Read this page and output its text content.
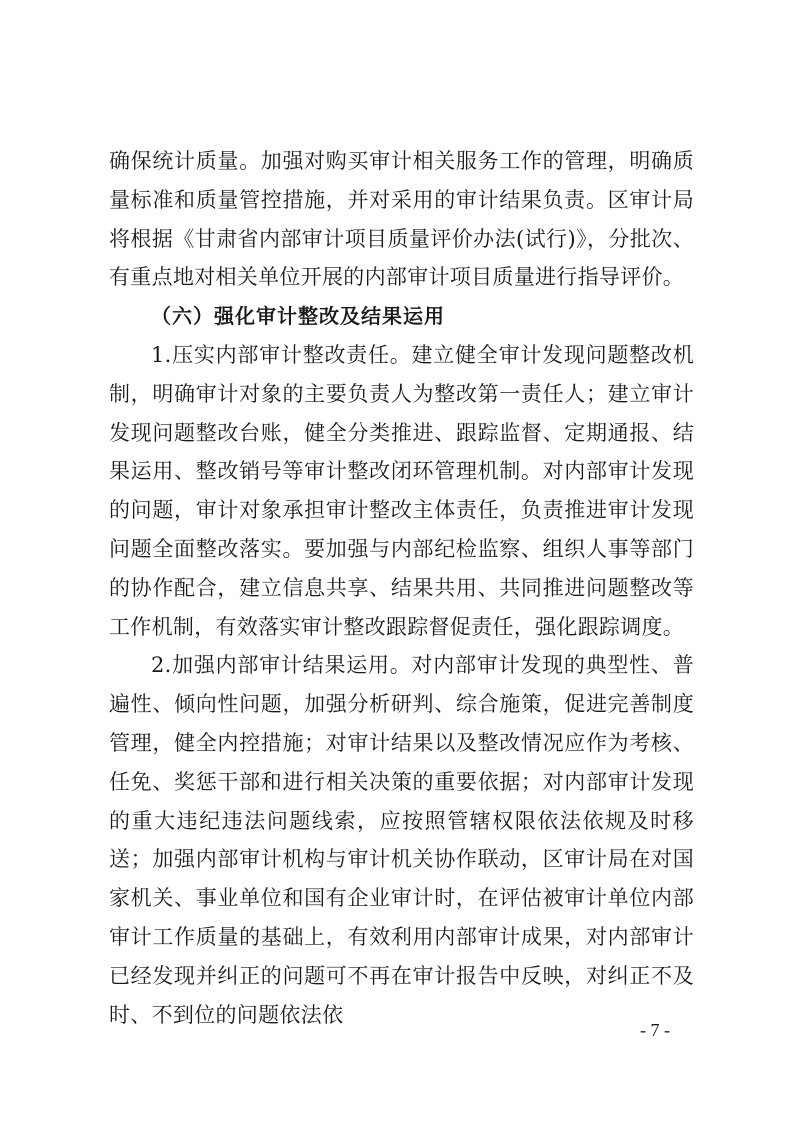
确保统计质量。加强对购买审计相关服务工作的管理，明确质量标准和质量管控措施，并对采用的审计结果负责。区审计局将根据《甘肃省内部审计项目质量评价办法(试行)》，分批次、有重点地对相关单位开展的内部审计项目质量进行指导评价。

（六）强化审计整改及结果运用

1.压实内部审计整改责任。建立健全审计发现问题整改机制，明确审计对象的主要负责人为整改第一责任人；建立审计发现问题整改台账，健全分类推进、跟踪监督、定期通报、结果运用、整改销号等审计整改闭环管理机制。对内部审计发现的问题，审计对象承担审计整改主体责任，负责推进审计发现问题全面整改落实。要加强与内部纪检监察、组织人事等部门的协作配合，建立信息共享、结果共用、共同推进问题整改等工作机制，有效落实审计整改跟踪督促责任，强化跟踪调度。

2.加强内部审计结果运用。对内部审计发现的典型性、普遍性、倾向性问题，加强分析研判、综合施策，促进完善制度管理，健全内控措施；对审计结果以及整改情况应作为考核、任免、奖惩干部和进行相关决策的重要依据；对内部审计发现的重大违纪违法问题线索，应按照管辖权限依法依规及时移送；加强内部审计机构与审计机关协作联动，区审计局在对国家机关、事业单位和国有企业审计时，在评估被审计单位内部审计工作质量的基础上，有效利用内部审计成果，对内部审计已经发现并纠正的问题可不再在审计报告中反映，对纠正不及时、不到位的问题依法依

- 7 -
